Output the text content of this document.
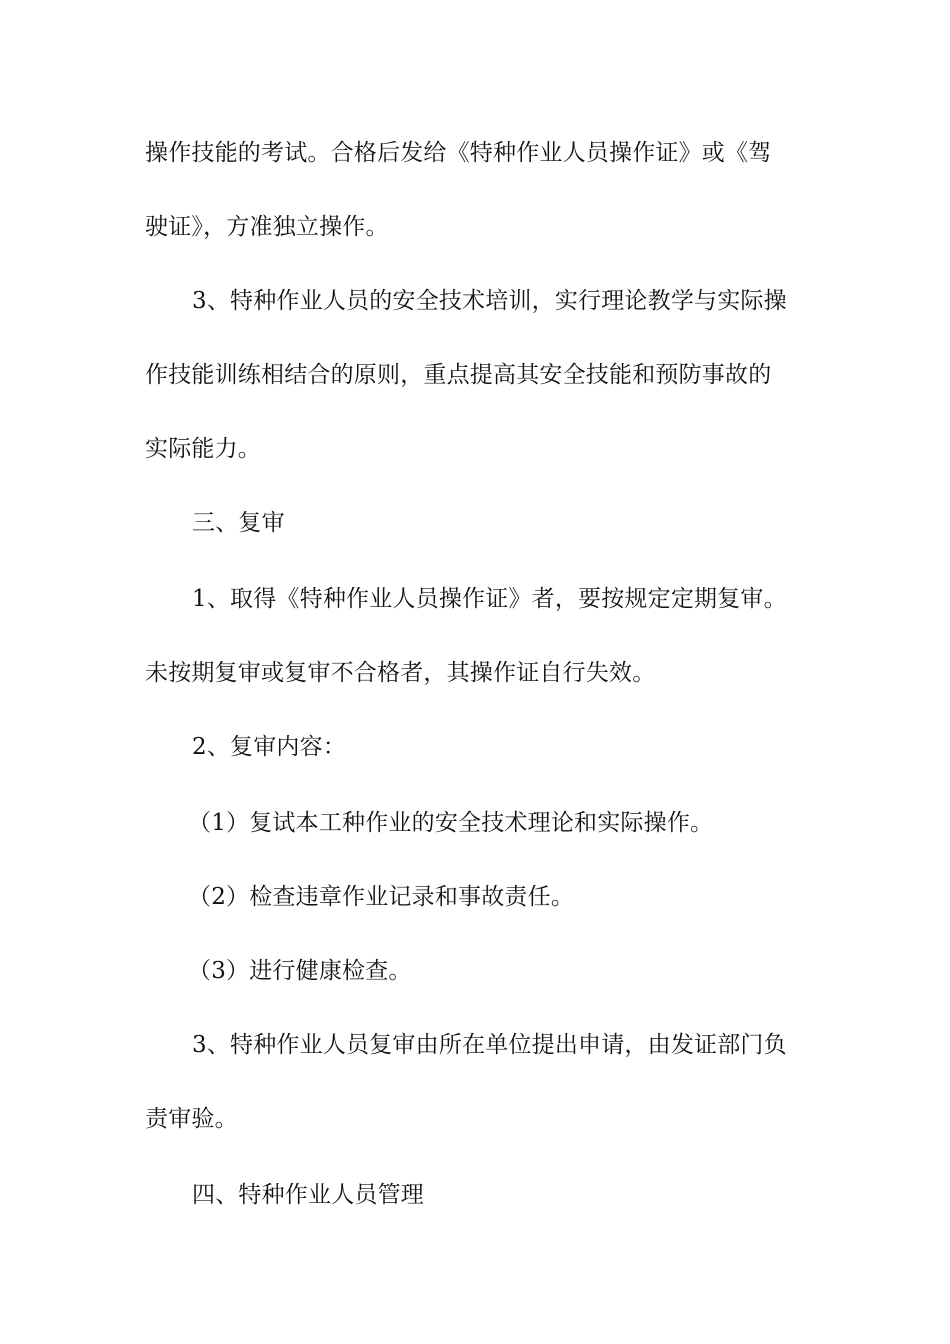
操作技能的考试。合格后发给《特种作业人员操作证》或《驾
驶证》，方准独立操作。
3、特种作业人员的安全技术培训，实行理论教学与实际操
作技能训练相结合的原则，重点提高其安全技能和预防事故的
实际能力。
三、复审
1、取得《特种作业人员操作证》者，要按规定定期复审。
未按期复审或复审不合格者，其操作证自行失效。
2、复审内容：
（1）复试本工种作业的安全技术理论和实际操作。
（2）检查违章作业记录和事故责任。
（3）进行健康检查。
3、特种作业人员复审由所在单位提出申请，由发证部门负
责审验。
四、特种作业人员管理
